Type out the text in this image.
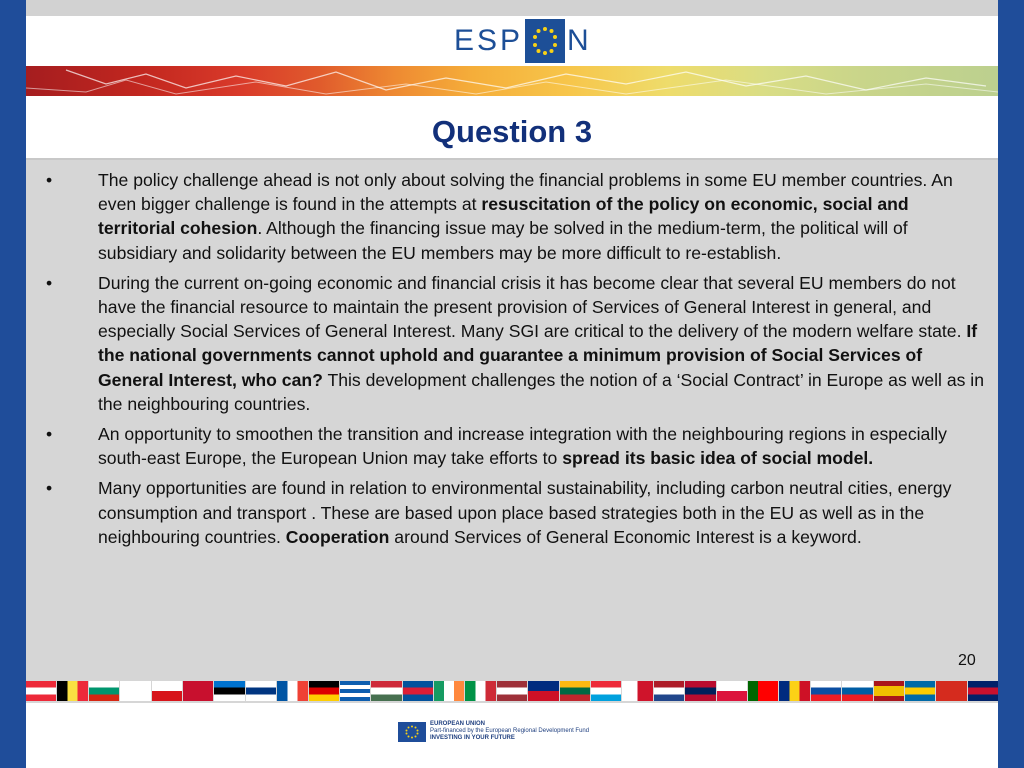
ESP N
Question 3
•	The policy challenge ahead is not only about solving the financial problems in some EU member countries. An even bigger challenge is found in the attempts at resuscitation of the policy on economic, social and territorial cohesion. Although the financing issue may be solved in the medium-term, the political will of subsidiary and solidarity between the EU members may be more difficult to re-establish.
•	During the current on-going economic and financial crisis it has become clear that several EU members do not have the financial resource to maintain the present provision of Services of General Interest in general, and especially Social Services of General Interest. Many SGI are critical to the delivery of the modern welfare state. If the national governments cannot uphold and guarantee a minimum provision of Social Services of General Interest, who can? This development challenges the notion of a ‘Social Contract’ in Europe as well as in the neighbouring countries.
•	An opportunity to smoothen the transition and increase integration with the neighbouring regions in especially south-east Europe, the European Union may take efforts to spread its basic idea of social model.
•	Many opportunities are found in relation to environmental sustainability, including carbon neutral cities, energy consumption and transport . These are based upon place based strategies both in the EU as well as in the neighbouring countries. Cooperation around Services of General Economic Interest is a keyword.
20
EUROPEAN UNION
Part-financed by the European Regional Development Fund
INVESTING IN YOUR FUTURE
